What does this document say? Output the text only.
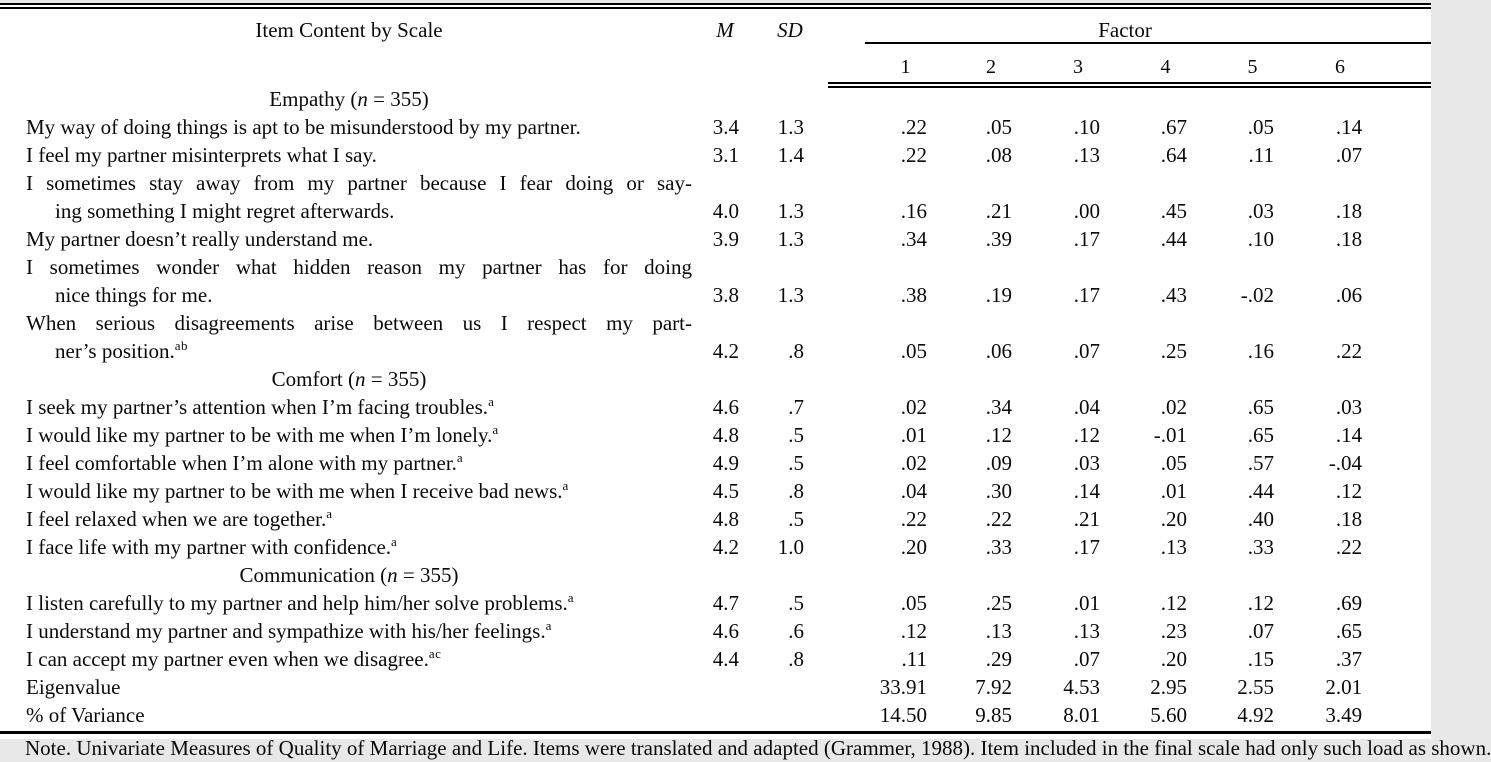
Item Content by Scale	M	SD	Factor					

			1	2	3	4	5	6
Empathy (n = 355)								

My way of doing things is apt to be misunderstood by my partner.	3.4	1.3	.22	.05	.10	.67	.05	.14

I feel my partner misinterprets what I say.	3.1	1.4	.22	.08	.13	.64	.11	.07

I sometimes stay away from my partner because I fear doing or say-
ing something I might regret afterwards.	4.0	1.3	.16	.21	.00	.45	.03	.18

My partner doesn’t really understand me.	3.9	1.3	.34	.39	.17	.44	.10	.18

I sometimes wonder what hidden reason my partner has for doing
nice things for me.	3.8	1.3	.38	.19	.17	.43	-.02	.06

When serious disagreements arise between us I respect my part-
ner’s position.$^{ab}$	4.2	.8	.05	.06	.07	.25	.16	.22
Comfort (n = 355)								

I seek my partner’s attention when I’m facing troubles.$^a$	4.6	.7	.02	.34	.04	.02	.65	.03

I would like my partner to be with me when I’m lonely.$^a$	4.8	.5	.01	.12	.12	-.01	.65	.14

I feel comfortable when I’m alone with my partner.$^a$	4.9	.5	.02	.09	.03	.05	.57	-.04

I would like my partner to be with me when I receive bad news.$^a$	4.5	.8	.04	.30	.14	.01	.44	.12

I feel relaxed when we are together.$^a$	4.8	.5	.22	.22	.21	.20	.40	.18

I face life with my partner with confidence.$^a$	4.2	1.0	.20	.33	.17	.13	.33	.22
Communication (n = 355)								

I listen carefully to my partner and help him/her solve problems.$^a$	4.7	.5	.05	.25	.01	.12	.12	.69

I understand my partner and sympathize with his/her feelings.$^a$	4.6	.6	.12	.13	.13	.23	.07	.65

I can accept my partner even when we disagree.$^{ac}$	4.4	.8	.11	.29	.07	.20	.15	.37
Eigenvalue			33.91	7.92	4.53	2.95	2.55	2.01
% of Variance			14.50	9.85	8.01	5.60	4.92	3.49
Note. Univariate Measures of Quality of Marriage and Life. Items were translated and adapted (Grammer, 1988). Item included in the final scale had only such load as shown.
